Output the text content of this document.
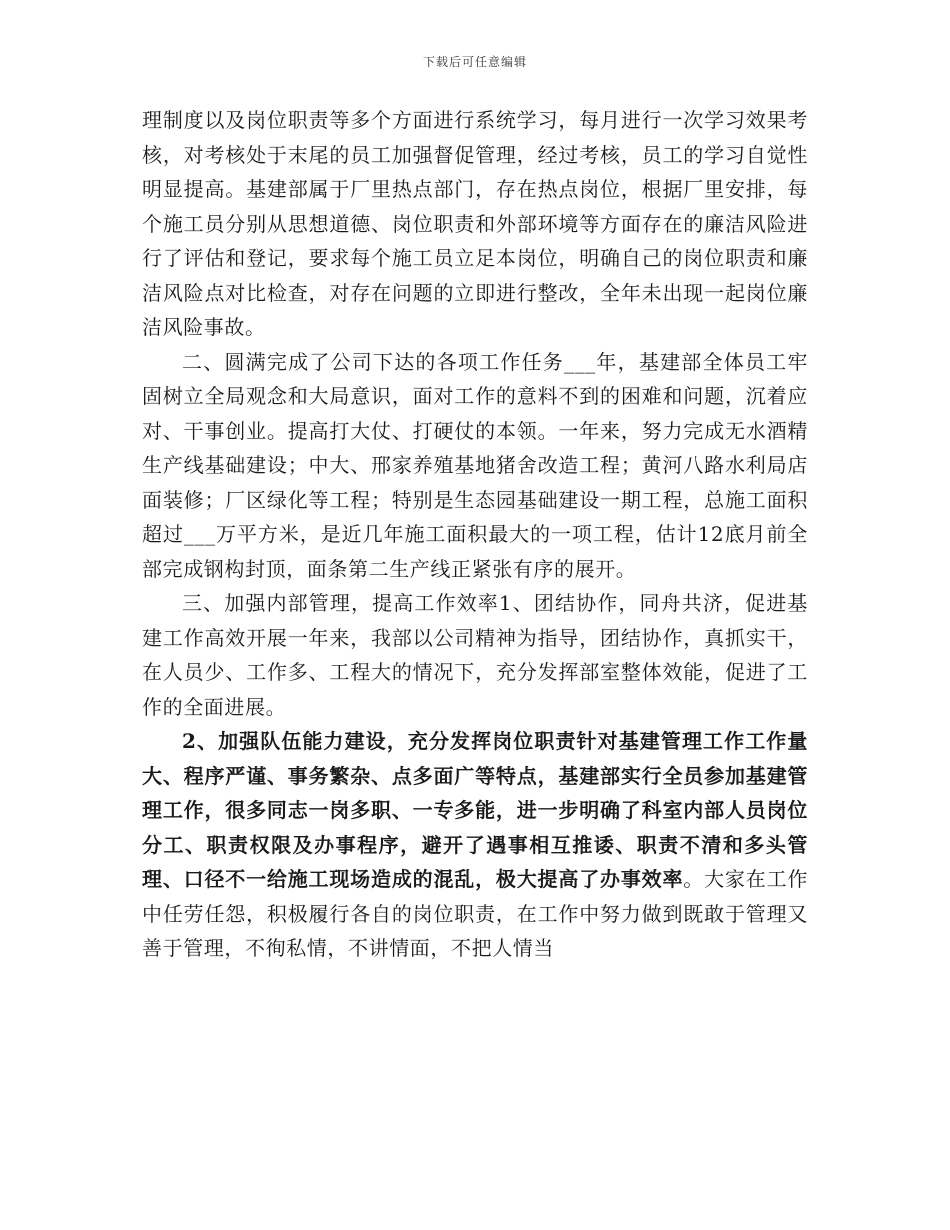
下载后可任意编辑

理制度以及岗位职责等多个方面进行系统学习，每月进行一次学习效果考核，对考核处于末尾的员工加强督促管理，经过考核，员工的学习自觉性明显提高。基建部属于厂里热点部门，存在热点岗位，根据厂里安排，每个施工员分别从思想道德、岗位职责和外部环境等方面存在的廉洁风险进行了评估和登记，要求每个施工员立足本岗位，明确自己的岗位职责和廉洁风险点对比检查，对存在问题的立即进行整改，全年未出现一起岗位廉洁风险事故。

二、圆满完成了公司下达的各项工作任务___年，基建部全体员工牢固树立全局观念和大局意识，面对工作的意料不到的困难和问题，沉着应对、干事创业。提高打大仗、打硬仗的本领。一年来，努力完成无水酒精生产线基础建设；中大、邢家养殖基地猪舍改造工程；黄河八路水利局店面装修；厂区绿化等工程；特别是生态园基础建设一期工程，总施工面积超过___万平方米，是近几年施工面积最大的一项工程，估计12底月前全部完成钢构封顶，面条第二生产线正紧张有序的展开。

三、加强内部管理，提高工作效率1、团结协作，同舟共济，促进基建工作高效开展一年来，我部以公司精神为指导，团结协作，真抓实干，在人员少、工作多、工程大的情况下，充分发挥部室整体效能，促进了工作的全面进展。

2、加强队伍能力建设，充分发挥岗位职责针对基建管理工作工作量大、程序严谨、事务繁杂、点多面广等特点，基建部实行全员参加基建管理工作，很多同志一岗多职、一专多能，进一步明确了科室内部人员岗位分工、职责权限及办事程序，避开了遇事相互推诿、职责不清和多头管理、口径不一给施工现场造成的混乱，极大提高了办事效率。大家在工作中任劳任怨，积极履行各自的岗位职责，在工作中努力做到既敢于管理又善于管理，不徇私情，不讲情面，不把人情当
